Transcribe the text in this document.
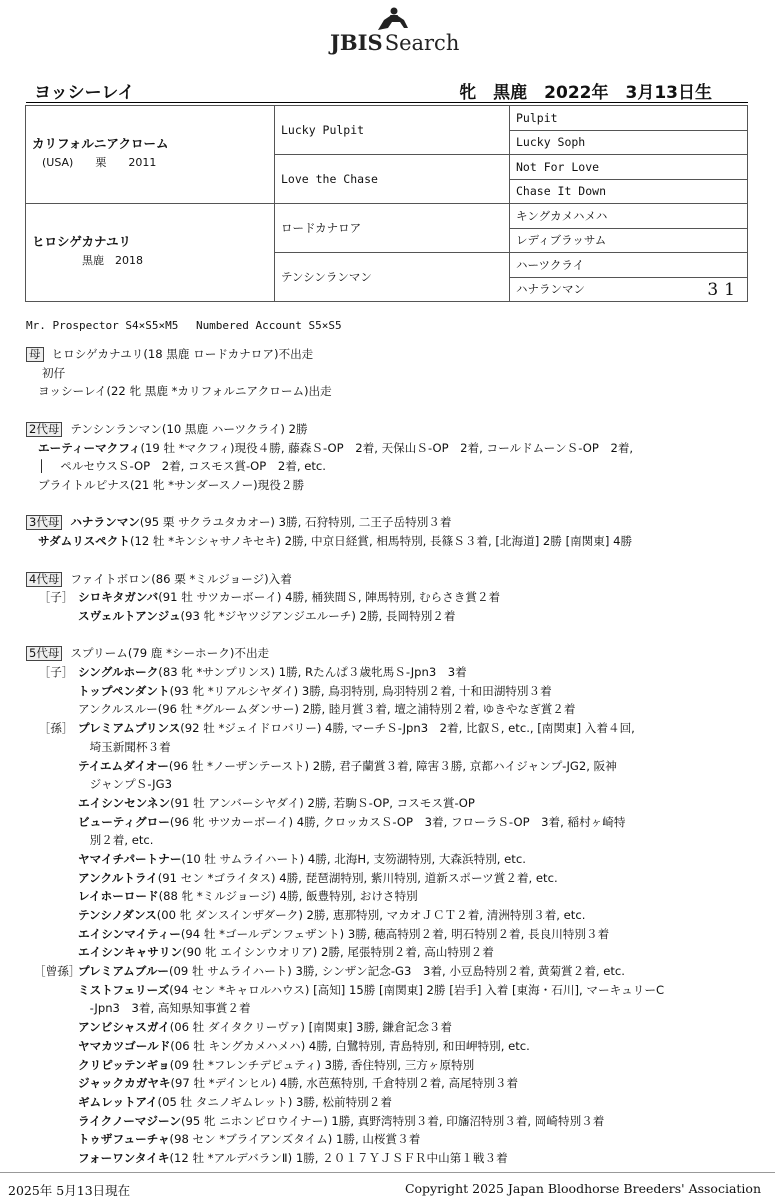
JBISSearch
ヨッシーレイ	牝　黒鹿　2022年　3月13日生
カリフォルニアクローム
(USA)　　栗　　2011	Lucky Pulpit	Pulpit
		Lucky Soph
	Love the Chase	Not For Love
		Chase It Down

ヒロシゲカナユリ
黒鹿　2018	ロードカナロア	キングカメハメハ
		レディブラッサム
	テンシンランマン	ハーツクライ
		ハナランマン 31
Mr. Prospector S4×S5×M5　 Numbered Account S5×S5
母 ヒロシゲカナユリ(18 黒鹿 ロードカナロア)不出走
初仔
ヨッシーレイ(22 牝 黒鹿 *カリフォルニアクローム)出走
2代母 テンシンランマン(10 黒鹿 ハーツクライ) 2勝
エーティーマクフィ(19 牡 *マクフィ)現役４勝, 藤森Ｓ-OP　2着, 天保山Ｓ-OP　2着, コールドムーンＳ-OP　2着,
│　 ペルセウスＳ-OP　2着, コスモス賞-OP　2着, etc.
ブライトルピナス(21 牝 *サンダースノー)現役２勝
3代母 ハナランマン(95 栗 サクラユタカオー) 3勝, 石狩特別, 二王子岳特別３着
サダムリスペクト(12 牡 *キンシャサノキセキ) 2勝, 中京日経賞, 相馬特別, 長篠Ｓ３着, [北海道] 2勝 [南関東] 4勝
4代母 ファイトボロン(86 栗 *ミルジョージ)入着
［子］ シロキタガンバ(91 牡 サツカーボーイ) 4勝, 桶狭間Ｓ, 陣馬特別, むらさき賞２着
スヴェルトアンジュ(93 牝 *ジヤツジアンジエルーチ) 2勝, 長岡特別２着
5代母 スプリーム(79 鹿 *シーホーク)不出走
［子］ シングルホーク(83 牝 *サンプリンス) 1勝, Rたんぱ３歳牝馬Ｓ-Jpn3　3着
トップペンダント(93 牝 *リアルシヤダイ) 3勝, 鳥羽特別, 鳥羽特別２着, 十和田湖特別３着
アンクルスルー(96 牡 *グルームダンサー) 2勝, 睦月賞３着, 壇之浦特別２着, ゆきやなぎ賞２着
［孫］ プレミアムプリンス(92 牡 *ジェイドロバリー) 4勝, マーチＳ-Jpn3　2着, 比叡Ｓ, etc., [南関東] 入着４回,
　埼玉新聞杯３着
テイエムダイオー(96 牡 *ノーザンテースト) 2勝, 君子蘭賞３着, 障害３勝, 京都ハイジャンプ-JG2, 阪神
　ジャンプＳ-JG3
エイシンセンネン(91 牡 アンバーシヤダイ) 2勝, 若駒Ｓ-OP, コスモス賞-OP
ビューティグロー(96 牝 サツカーボーイ) 4勝, クロッカスＳ-OP　3着, フローラＳ-OP　3着, 稲村ヶ崎特
　別２着, etc.
ヤマイチパートナー(10 牡 サムライハート) 4勝, 北海H, 支笏湖特別, 大森浜特別, etc.
アンクルトライ(91 セン *ゴライタス) 4勝, 琵琶湖特別, 紫川特別, 道新スポーツ賞２着, etc.
レイホーロード(88 牝 *ミルジョージ) 4勝, 飯豊特別, おけさ特別
テンシノダンス(00 牝 ダンスインザダーク) 2勝, 恵那特別, マカオＪＣＴ２着, 清洲特別３着, etc.
エイシンマイティー(94 牡 *ゴールデンフェザント) 3勝, 穂高特別２着, 明石特別２着, 長良川特別３着
エイシンキャサリン(90 牝 エイシンウオリア) 2勝, 尾張特別２着, 高山特別２着
［曾孫］プレミアムブルー(09 牡 サムライハート) 3勝, シンザン記念-G3　3着, 小豆島特別２着, 黄菊賞２着, etc.
ミストフェリーズ(94 セン *キャロルハウス) [高知] 15勝 [南関東] 2勝 [岩手] 入着 [東海・石川], マーキュリーC
　-Jpn3　3着, 高知県知事賞２着
アンビシャスガイ(06 牡 ダイタクリーヴァ) [南関東] 3勝, 鎌倉記念３着
ヤマカツゴールド(06 牡 キングカメハメハ) 4勝, 白鷺特別, 青島特別, 和田岬特別, etc.
クリピッテンギョ(09 牡 *フレンチデピュティ) 3勝, 香住特別, 三方ヶ原特別
ジャックカガヤキ(97 牡 *デインヒル) 4勝, 水芭蕉特別, 千倉特別２着, 高尾特別３着
ギムレットアイ(05 牡 タニノギムレット) 3勝, 松前特別２着
ライクノーマジーン(95 牝 ニホンピロウイナー) 1勝, 真野湾特別３着, 印旛沼特別３着, 岡崎特別３着
トゥザフューチャ(98 セン *ブライアンズタイム) 1勝, 山桜賞３着
フォーワンタイキ(12 牡 *アルデバランⅡ) 1勝, ２０１７ＹＪＳＦＲ中山第１戦３着
2025年 5月13日現在	Copyright 2025 Japan Bloodhorse Breeders' Association
